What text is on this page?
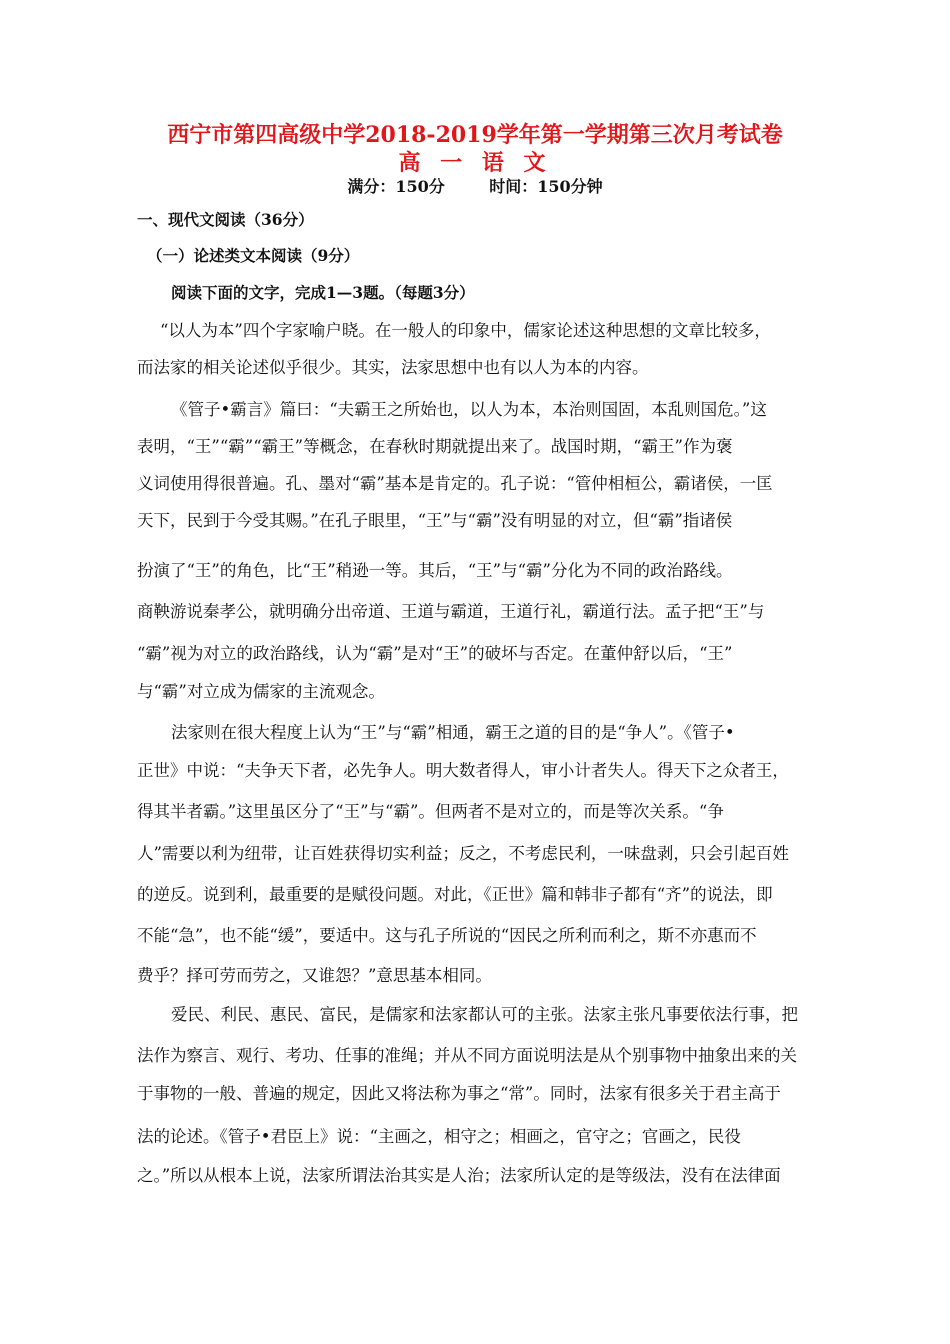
西宁市第四高级中学2018-2019学年第一学期第三次月考试卷
高 一 语 文
满分：150分        时间：150分钟
一、现代文阅读（36分）
（一）论述类文本阅读（9分）
阅读下面的文字，完成1—3题。（每题3分）
“以人为本”四个字家喻户晓。在一般人的印象中，儒家论述这种思想的文章比较多，
而法家的相关论述似乎很少。其实，法家思想中也有以人为本的内容。
《管子•霸言》篇曰：“夫霸王之所始也，以人为本，本治则国固，本乱则国危。”这
表明，“王”“霸”“霸王”等概念，在春秋时期就提出来了。战国时期，“霸王”作为褒
义词使用得很普遍。孔、墨对“霸”基本是肯定的。孔子说：“管仲相桓公，霸诸侯，一匡
天下，民到于今受其赐。”在孔子眼里，“王”与“霸”没有明显的对立，但“霸”指诸侯
扮演了“王”的角色，比“王”稍逊一等。其后，“王”与“霸”分化为不同的政治路线。
商鞅游说秦孝公，就明确分出帝道、王道与霸道，王道行礼，霸道行法。孟子把“王”与
“霸”视为对立的政治路线，认为“霸”是对“王”的破坏与否定。在董仲舒以后，“王”
与“霸”对立成为儒家的主流观念。
法家则在很大程度上认为“王”与“霸”相通，霸王之道的目的是“争人”。《管子•
正世》中说：“夫争天下者，必先争人。明大数者得人，审小计者失人。得天下之众者王，
得其半者霸。”这里虽区分了“王”与“霸”。但两者不是对立的，而是等次关系。“争
人”需要以利为纽带，让百姓获得切实利益；反之，不考虑民利，一味盘剥，只会引起百姓
的逆反。说到利，最重要的是赋役问题。对此，《正世》篇和韩非子都有“齐”的说法，即
不能“急”，也不能“缓”，要适中。这与孔子所说的“因民之所利而利之，斯不亦惠而不
费乎？择可劳而劳之，又谁怨？”意思基本相同。
爱民、利民、惠民、富民，是儒家和法家都认可的主张。法家主张凡事要依法行事，把
法作为察言、观行、考功、任事的准绳；并从不同方面说明法是从个别事物中抽象出来的关
于事物的一般、普遍的规定，因此又将法称为事之“常”。同时，法家有很多关于君主高于
法的论述。《管子•君臣上》说：“主画之，相守之；相画之，官守之；官画之，民役
之。”所以从根本上说，法家所谓法治其实是人治；法家所认定的是等级法，没有在法律面
